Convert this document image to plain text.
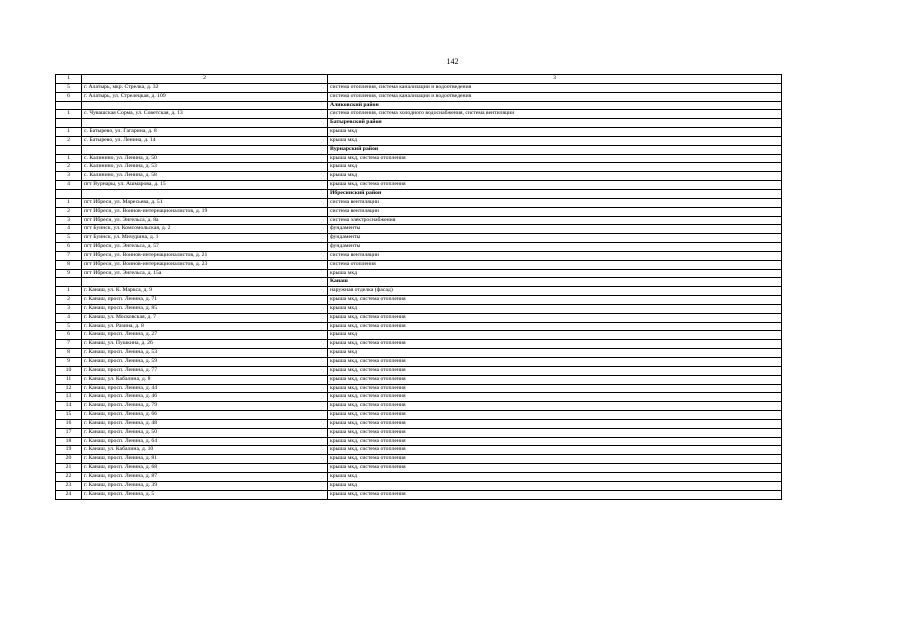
142
1	2	3
5	г. Алатырь, мкр. Стрелка, д. 32	система отопления, система канализации и водоотведения
6	г. Алатырь, ул. Стрелецкая, д. 109	система отопления, система канализации и водоотведения
		Аликовский район
1	с. Чувашская Сорма, ул. Советская, д. 13	система отопления, система холодного водоснабжения, система вентиляции
		Батыревский район
1	с. Батырево, ул. Гагарина, д. 8	крыша мкд
2	с. Батырево, ул. Ленина, д. 14	крыша мкд
		Вурнарский район
1	с. Калинино, ул. Ленина, д. 50	крыша мкд, система отопления
2	с. Калинино, ул. Ленина, д. 53	крыша мкд
3	с. Калинино, ул. Ленина, д. 58	крыша мкд
4	пгт Вурнары, ул. Ашмарова, д. 15	крыша мкд, система отопления
		Ибресинский район
1	пгт Ибреси, ул. Маресьева, д. 51	система вентиляции
2	пгт Ибреси, ул. Воинов-интернационалистов, д. 19	система вентиляции
3	пгт Ибреси, ул. Энгельса, д. 8а	система электроснабжения
4	пгт Буинск, ул. Комсомольская, д. 2	фундаменты
5	пгт Буинск, ул. Мичурина, д. 1	фундаменты
6	пгт Ибреси, ул. Энгельса, д. 57	фундаменты
7	пгт Ибреси, ул. Воинов-интернационалистов, д. 21	система вентиляции
8	пгт Ибреси, ул. Воинов-интернационалистов, д. 23	система отопления
9	пгт Ибреси, ул. Энгельса, д. 15а	крыша мкд
		Канаш
1	г. Канаш, ул. К. Маркса, д. 9	наружная отделка (фасад)
2	г. Канаш, просп. Ленина, д. 71	крыша мкд, система отопления
3	г. Канаш, просп. Ленина, д. 85	крыша мкд
4	г. Канаш, ул. Московская, д. 7	крыша мкд, система отопления
5	г. Канаш, ул. Разина, д. 8	крыша мкд, система отопления
6	г. Канаш, просп. Ленина, д. 27	крыша мкд
7	г. Канаш, ул. Пушкина, д. 26	крыша мкд, система отопления
8	г. Канаш, просп. Ленина, д. 53	крыша мкд
9	г. Канаш, просп. Ленина, д. 59	крыша мкд, система отопления
10	г. Канаш, просп. Ленина, д. 77	крыша мкд, система отопления
11	г. Канаш, ул. Кабалина, д. 8	крыша мкд, система отопления
12	г. Канаш, просп. Ленина, д. 44	крыша мкд, система отопления
13	г. Канаш, просп. Ленина, д. 46	крыша мкд, система отопления
14	г. Канаш, просп. Ленина, д. 79	крыша мкд, система отопления
15	г. Канаш, просп. Ленина, д. 66	крыша мкд, система отопления
16	г. Канаш, просп. Ленина, д. 48	крыша мкд, система отопления
17	г. Канаш, просп. Ленина, д. 50	крыша мкд, система отопления
18	г. Канаш, просп. Ленина, д. 64	крыша мкд, система отопления
19	г. Канаш, ул. Кабалина, д. 10	крыша мкд, система отопления
20	г. Канаш, просп. Ленина, д. 81	крыша мкд, система отопления
21	г. Канаш, просп. Ленина, д. 68	крыша мкд, система отопления
22	г. Канаш, просп. Ленина, д. 87	крыша мкд
23	г. Канаш, просп. Ленина, д. 39	крыша мкд
24	г. Канаш, просп. Ленина, д. 5	крыша мкд, система отопления
